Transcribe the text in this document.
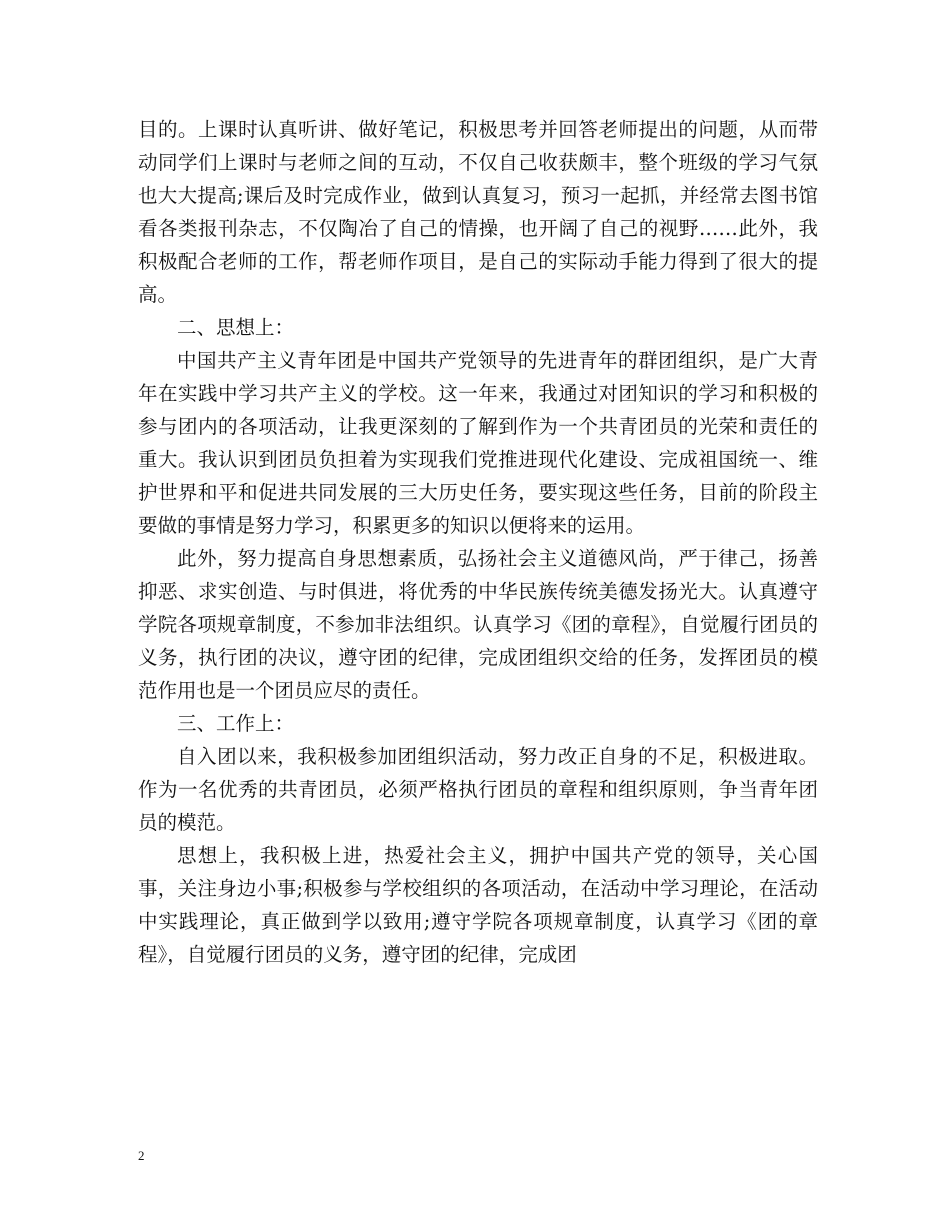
目的。上课时认真听讲、做好笔记，积极思考并回答老师提出的问题，从而带动同学们上课时与老师之间的互动，不仅自己收获颇丰，整个班级的学习气氛也大大提高;课后及时完成作业，做到认真复习，预习一起抓，并经常去图书馆看各类报刊杂志，不仅陶冶了自己的情操，也开阔了自己的视野……此外，我积极配合老师的工作，帮老师作项目，是自己的实际动手能力得到了很大的提高。

二、思想上：

中国共产主义青年团是中国共产党领导的先进青年的群团组织，是广大青年在实践中学习共产主义的学校。这一年来，我通过对团知识的学习和积极的参与团内的各项活动，让我更深刻的了解到作为一个共青团员的光荣和责任的重大。我认识到团员负担着为实现我们党推进现代化建设、完成祖国统一、维护世界和平和促进共同发展的三大历史任务，要实现这些任务，目前的阶段主要做的事情是努力学习，积累更多的知识以便将来的运用。

此外，努力提高自身思想素质，弘扬社会主义道德风尚，严于律己，扬善抑恶、求实创造、与时俱进，将优秀的中华民族传统美德发扬光大。认真遵守学院各项规章制度，不参加非法组织。认真学习《团的章程》，自觉履行团员的义务，执行团的决议，遵守团的纪律，完成团组织交给的任务，发挥团员的模范作用也是一个团员应尽的责任。

三、工作上：

自入团以来，我积极参加团组织活动，努力改正自身的不足，积极进取。作为一名优秀的共青团员，必须严格执行团员的章程和组织原则，争当青年团员的模范。

思想上，我积极上进，热爱社会主义，拥护中国共产党的领导，关心国事，关注身边小事;积极参与学校组织的各项活动，在活动中学习理论，在活动中实践理论，真正做到学以致用;遵守学院各项规章制度，认真学习《团的章程》，自觉履行团员的义务，遵守团的纪律，完成团

2
